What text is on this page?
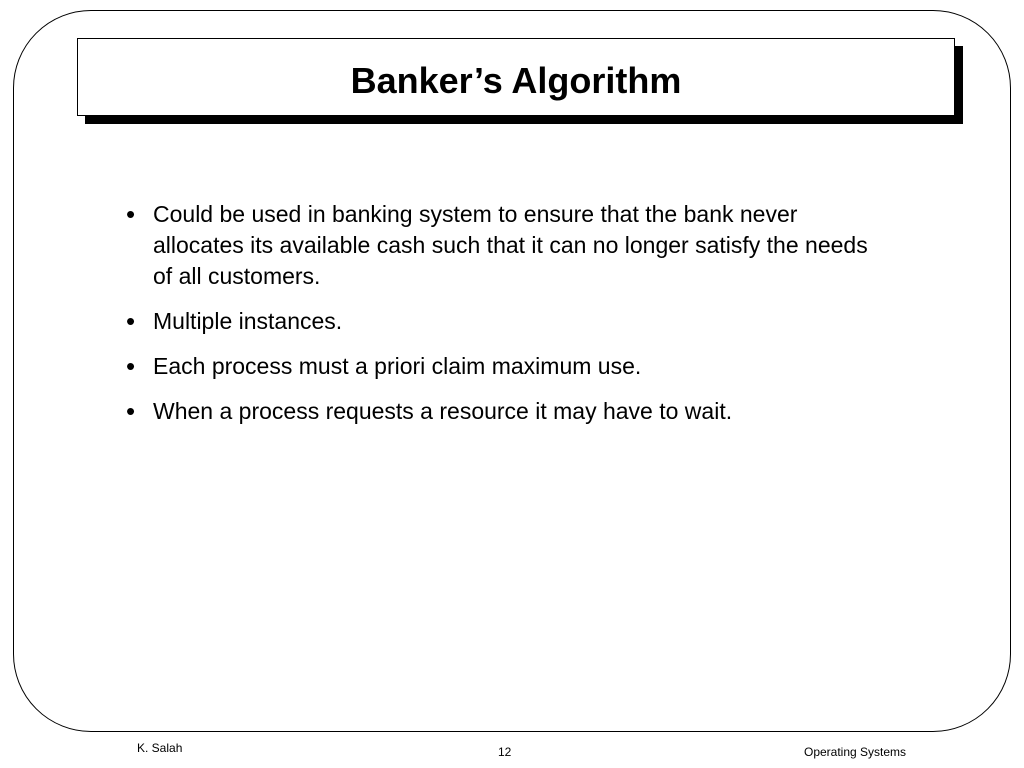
Banker’s Algorithm
• Could be used in banking system to ensure that the bank never allocates its available cash such that it can no longer satisfy the needs of all customers.
• Multiple instances.
• Each process must a priori claim maximum use.
• When a process requests a resource it may have to wait.
K. Salah	12	Operating Systems
